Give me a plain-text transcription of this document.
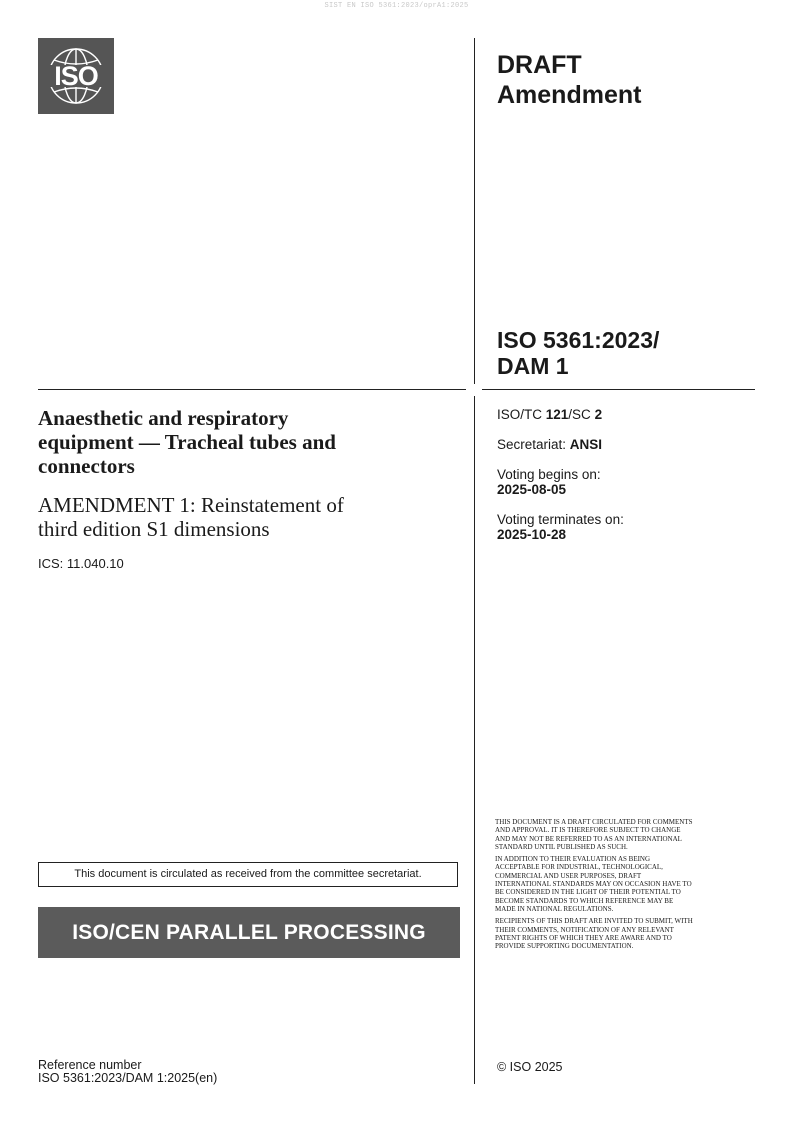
SIST EN ISO 5361:2023/oprA1:2025
ISO	DRAFT
Amendment
ISO 5361:2023/
DAM 1
Anaesthetic and respiratory
equipment — Tracheal tubes and
connectors
AMENDMENT 1: Reinstatement of
third edition S1 dimensions
ICS: 11.040.10
ISO/TC 121/SC 2
Secretariat: ANSI
Voting begins on:
2025-08-05
Voting terminates on:
2025-10-28

THIS DOCUMENT IS A DRAFT CIRCULATED FOR COMMENTS AND APPROVAL. IT IS THEREFORE SUBJECT TO CHANGE AND MAY NOT BE REFERRED TO AS AN INTERNATIONAL STANDARD UNTIL PUBLISHED AS SUCH.

IN ADDITION TO THEIR EVALUATION AS BEING ACCEPTABLE FOR INDUSTRIAL, TECHNOLOGICAL, COMMERCIAL AND USER PURPOSES, DRAFT INTERNATIONAL STANDARDS MAY ON OCCASION HAVE TO BE CONSIDERED IN THE LIGHT OF THEIR POTENTIAL TO BECOME STANDARDS TO WHICH REFERENCE MAY BE MADE IN NATIONAL REGULATIONS.

RECIPIENTS OF THIS DRAFT ARE INVITED TO SUBMIT, WITH THEIR COMMENTS, NOTIFICATION OF ANY RELEVANT PATENT RIGHTS OF WHICH THEY ARE AWARE AND TO PROVIDE SUPPORTING DOCUMENTATION.

This document is circulated as received from the committee secretariat.
ISO/CEN PARALLEL PROCESSING
Reference number
ISO 5361:2023/DAM 1:2025(en)
© ISO 2025
